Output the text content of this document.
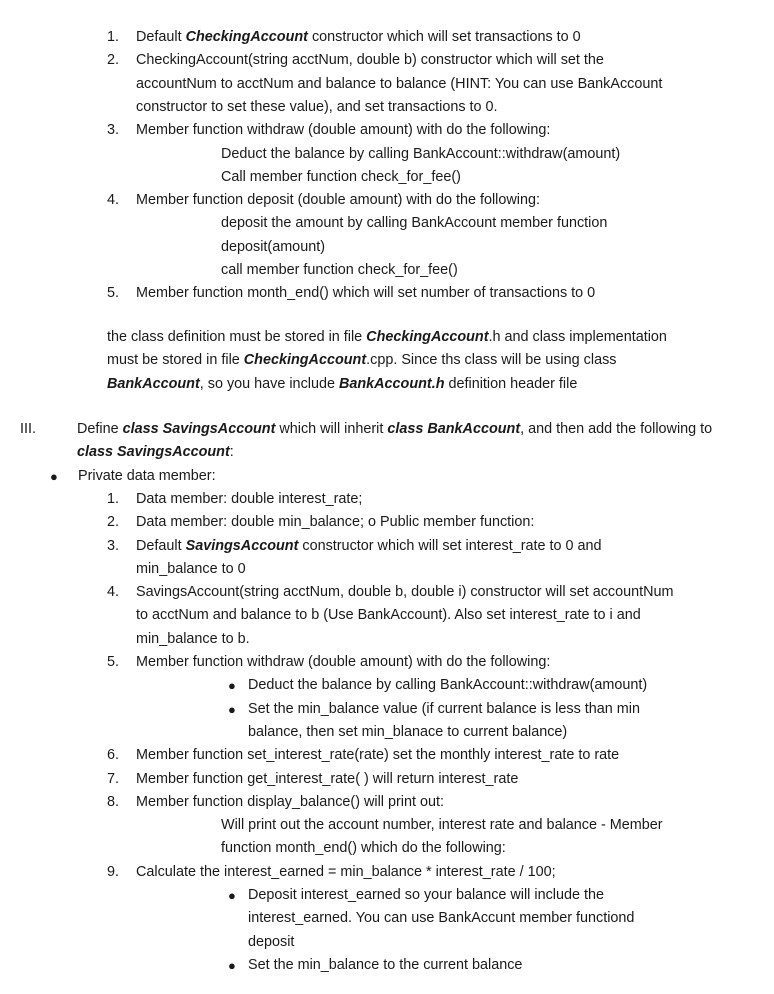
1. Default CheckingAccount constructor which will set transactions to 0
2. CheckingAccount(string acctNum, double b) constructor which will set the
accountNum to acctNum and balance to balance (HINT: You can use BankAccount
constructor to set these value), and set transactions to 0.
3. Member function withdraw (double amount) with do the following:
Deduct the balance by calling BankAccount::withdraw(amount)
Call member function check_for_fee()
4. Member function deposit (double amount) with do the following:
deposit the amount by calling BankAccount member function
deposit(amount)
call member function check_for_fee()
5. Member function month_end() which will set number of transactions to 0
the class definition must be stored in file CheckingAccount.h and class implementation
must be stored in file CheckingAccount.cpp. Since ths class will be using class
BankAccount, so you have include BankAccount.h definition header file
III.	Define class SavingsAccount which will inherit class BankAccount, and then add the following to
class SavingsAccount:
● Private data member:
1. Data member: double interest_rate;
2. Data member: double min_balance; o Public member function:
3. Default SavingsAccount constructor which will set interest_rate to 0 and
min_balance to 0
4. SavingsAccount(string acctNum, double b, double i) constructor will set accountNum
to acctNum and balance to b (Use BankAccount). Also set interest_rate to i and
min_balance to b.
5. Member function withdraw (double amount) with do the following:
● Deduct the balance by calling BankAccount::withdraw(amount)
● Set the min_balance value (if current balance is less than min
balance, then set min_blanace to current balance)
6. Member function set_interest_rate(rate) set the monthly interest_rate to rate
7. Member function get_interest_rate( ) will return interest_rate
8. Member function display_balance() will print out:
Will print out the account number, interest rate and balance - Member
function month_end() which do the following:
9. Calculate the interest_earned = min_balance * interest_rate / 100;
● Deposit interest_earned so your balance will include the
interest_earned. You can use BankAccunt member functiond
deposit
● Set the min_balance to the current balance
